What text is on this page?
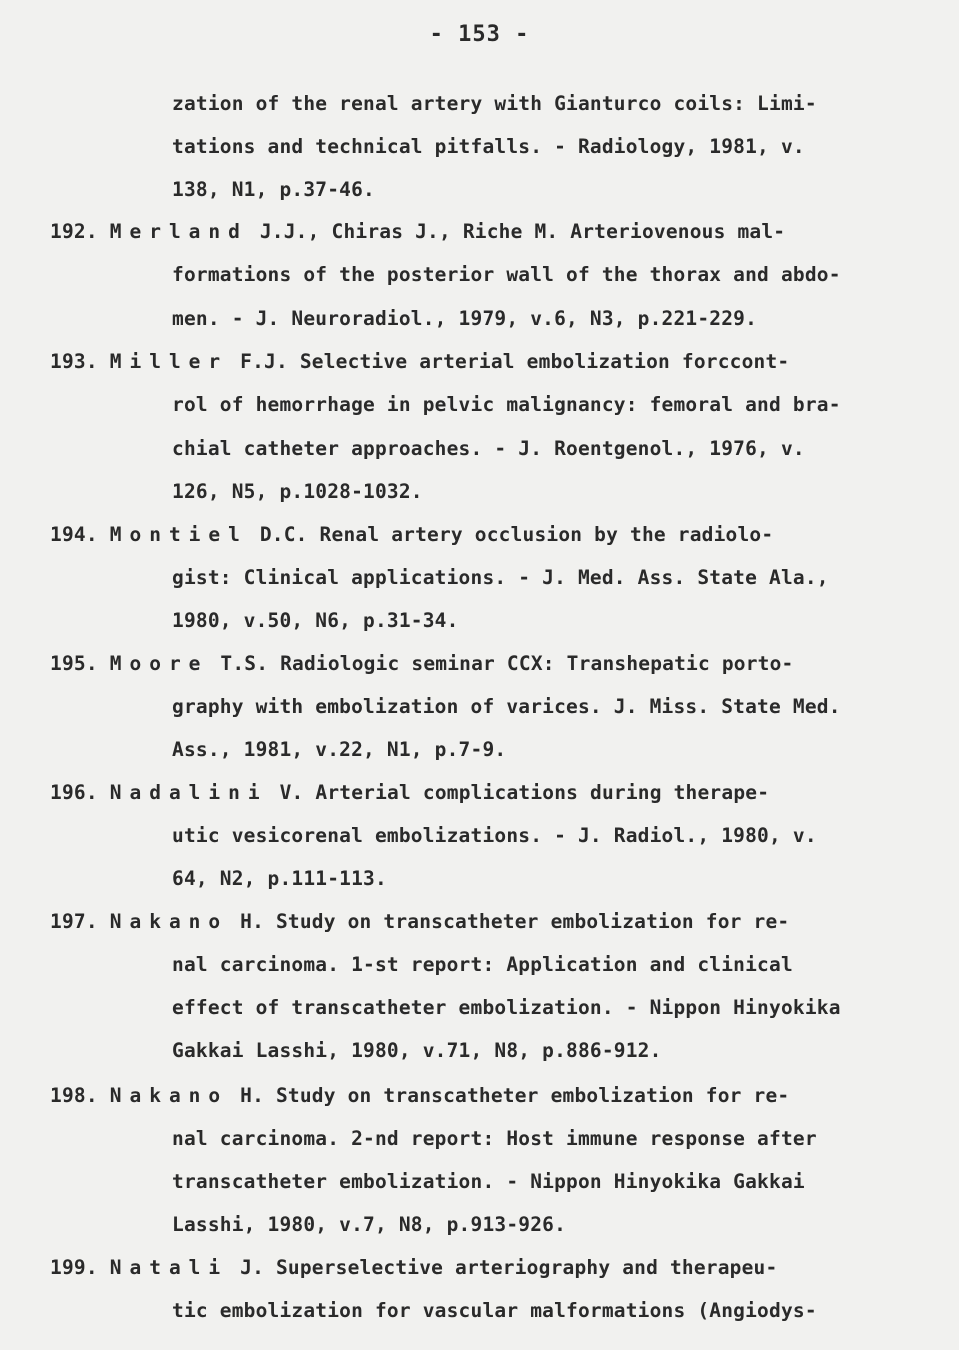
- 153 -
zation of the renal artery with Gianturco coils: Limi-
tations and technical pitfalls. - Radiology, 1981, v.
138, N1, p.37-46.
192. Merland J.J., Chiras J., Riche M. Arteriovenous mal-
formations of the posterior wall of the thorax and abdo-
men. - J. Neuroradiol., 1979, v.6, N3, p.221-229.
193. Miller F.J. Selective arterial embolization forccont-
rol of hemorrhage in pelvic malignancy: femoral and bra-
chial catheter approaches. - J. Roentgenol., 1976, v.
126, N5, p.1028-1032.
194. Montiel D.C. Renal artery occlusion by the radiolo-
gist: Clinical applications. - J. Med. Ass. State Ala.,
1980, v.50, N6, p.31-34.
195. Moore T.S. Radiologic seminar CCX: Transhepatic porto-
graphy with embolization of varices. J. Miss. State Med.
Ass., 1981, v.22, N1, p.7-9.
196. Nadalini V. Arterial complications during therape-
utic vesicorenal embolizations. - J. Radiol., 1980, v.
64, N2, p.111-113.
197. Nakano H. Study on transcatheter embolization for re-
nal carcinoma. 1-st report: Application and clinical
effect of transcatheter embolization. - Nippon Hinyokika
Gakkai Lasshi, 1980, v.71, N8, p.886-912.
198. Nakano H. Study on transcatheter embolization for re-
nal carcinoma. 2-nd report: Host immune response after
transcatheter embolization. - Nippon Hinyokika Gakkai
Lasshi, 1980, v.7, N8, p.913-926.
199. Natali J. Superselective arteriography and therapeu-
tic embolization for vascular malformations (Angiodys-
